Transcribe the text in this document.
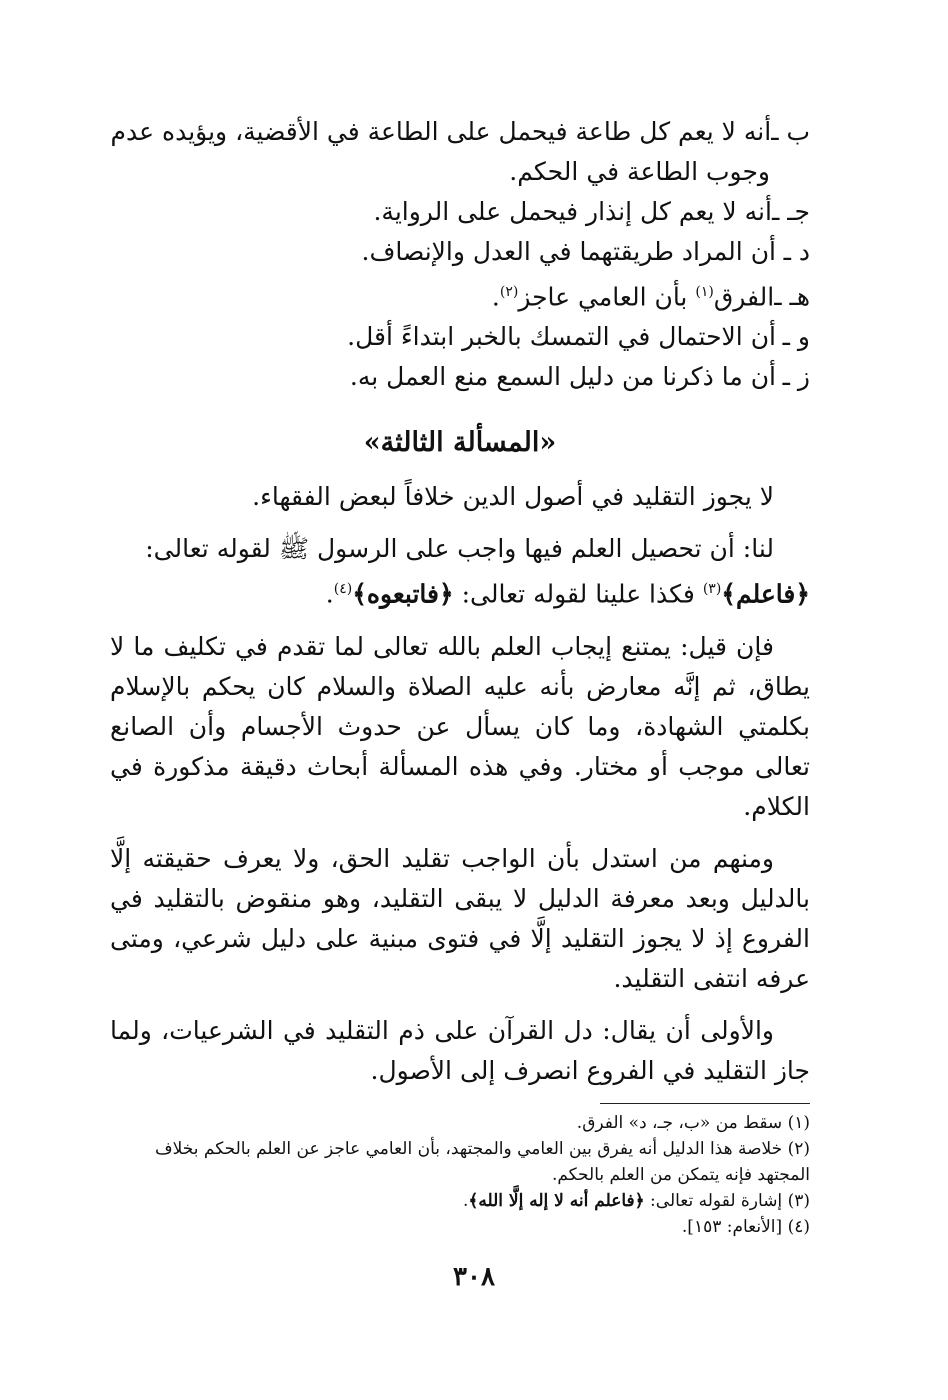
ب ـ
أنه لا يعم كل طاعة فيحمل على الطاعة في الأقضية، ويؤيده عدم
وجوب الطاعة في الحكم.
جـ ـ
أنه لا يعم كل إنذار فيحمل على الرواية.
د ـ
أن المراد طريقتهما في العدل والإنصاف.
هـ ـ
الفرق$^{(١)}$ بأن العامي عاجز$^{(٢)}$.
و ـ
أن الاحتمال في التمسك بالخبر ابتداءً أقل.
ز ـ
أن ما ذكرنا من دليل السمع منع العمل به.
«المسألة الثالثة»
لا يجوز التقليد في أصول الدين خلافاً لبعض الفقهاء.
لنا: أن تحصيل العلم فيها واجب على الرسول ﷺ لقوله تعالى:
﴿فاعلم﴾$^{(٣)}$ فكذا علينا لقوله تعالى: ﴿فاتبعوه﴾$^{(٤)}$.
فإن قيل: يمتنع إيجاب العلم بالله تعالى لما تقدم في تكليف ما لا يطاق، ثم إنَّه معارض بأنه عليه الصلاة والسلام كان يحكم بالإسلام بكلمتي الشهادة، وما كان يسأل عن حدوث الأجسام وأن الصانع تعالى موجب أو مختار. وفي هذه المسألة أبحاث دقيقة مذكورة في الكلام.
ومنهم من استدل بأن الواجب تقليد الحق، ولا يعرف حقيقته إلَّا بالدليل وبعد معرفة الدليل لا يبقى التقليد، وهو منقوض بالتقليد في الفروع إذ لا يجوز التقليد إلَّا في فتوى مبنية على دليل شرعي، ومتى عرفه انتفى التقليد.
والأولى أن يقال: دل القرآن على ذم التقليد في الشرعيات، ولما جاز التقليد في الفروع انصرف إلى الأصول.
(١) سقط من «ب، جـ، د» الفرق.
(٢) خلاصة هذا الدليل أنه يفرق بين العامي والمجتهد، بأن العامي عاجز عن العلم بالحكم بخلاف المجتهد فإنه يتمكن من العلم بالحكم.
(٣) إشارة لقوله تعالى: ﴿فاعلم أنه لا إله إلَّا الله﴾.
(٤) [الأنعام: ١٥٣].
٣٠٨
